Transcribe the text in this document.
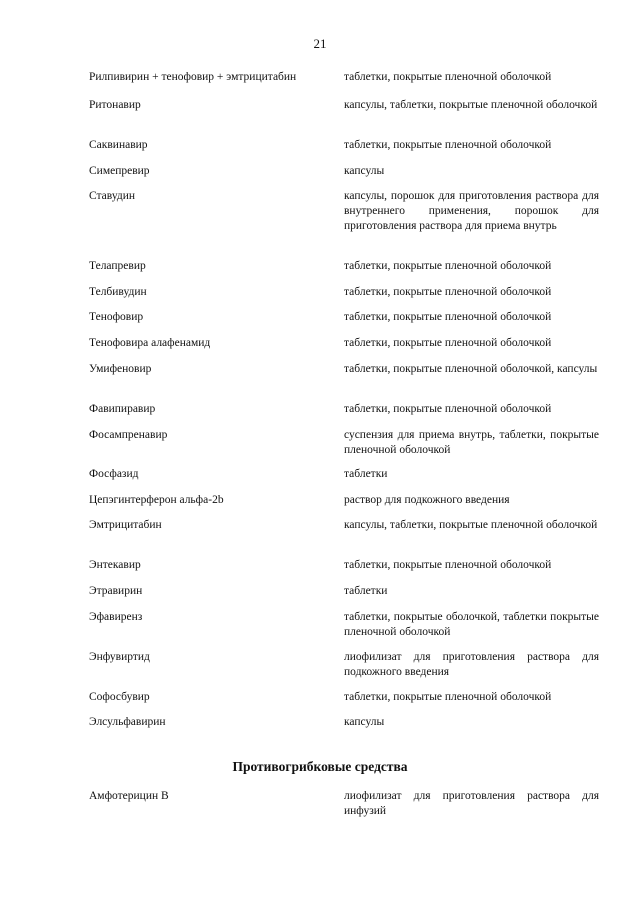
21
Рилпивирин + тенофовир + эмтрицитабин	таблетки, покрытые пленочной оболочкой
Ритонавир	капсулы, таблетки, покрытые пленочной оболочкой
Саквинавир	таблетки, покрытые пленочной оболочкой
Симепревир	капсулы
Ставудин	капсулы, порошок для приготовления раствора для внутреннего применения, порошок для приготовления раствора для приема внутрь
Телапревир	таблетки, покрытые пленочной оболочкой
Телбивудин	таблетки, покрытые пленочной оболочкой
Тенофовир	таблетки, покрытые пленочной оболочкой
Тенофовира алафенамид	таблетки, покрытые пленочной оболочкой
Умифеновир	таблетки, покрытые пленочной оболочкой, капсулы
Фавипиравир	таблетки, покрытые пленочной оболочкой
Фосампренавир	суспензия для приема внутрь, таблетки, покрытые пленочной оболочкой
Фосфазид	таблетки
Цепэгинтерферон альфа-2b	раствор для подкожного введения
Эмтрицитабин	капсулы, таблетки, покрытые пленочной оболочкой
Энтекавир	таблетки, покрытые пленочной оболочкой
Этравирин	таблетки
Эфавиренз	таблетки, покрытые оболочкой, таблетки покрытые пленочной оболочкой
Энфувиртид	лиофилизат для приготовления раствора для подкожного введения
Софосбувир	таблетки, покрытые пленочной оболочкой
Элсульфавирин	капсулы
Противогрибковые средства
Амфотерицин В	лиофилизат для приготовления раствора для инфузий
